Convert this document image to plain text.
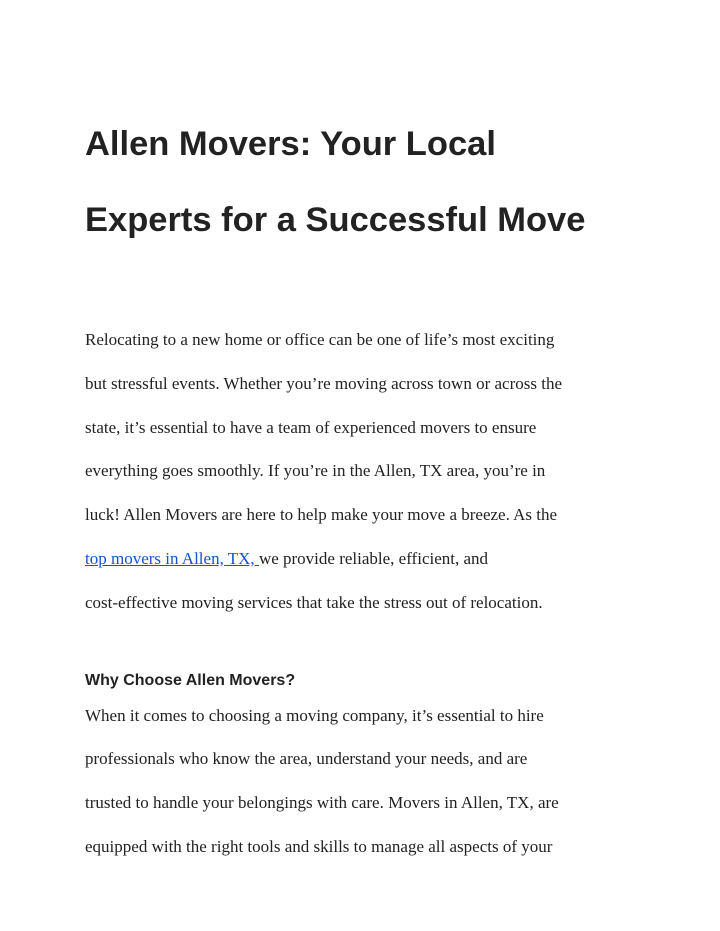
Allen Movers: Your Local
Experts for a Successful Move

Relocating to a new home or office can be one of life’s most exciting
but stressful events. Whether you’re moving across town or across the
state, it’s essential to have a team of experienced movers to ensure
everything goes smoothly. If you’re in the Allen, TX area, you’re in
luck! Allen Movers are here to help make your move a breeze. As the
top movers in Allen, TX, we provide reliable, efficient, and
cost-effective moving services that take the stress out of relocation.

Why Choose Allen Movers?

When it comes to choosing a moving company, it’s essential to hire
professionals who know the area, understand your needs, and are
trusted to handle your belongings with care. Movers in Allen, TX, are
equipped with the right tools and skills to manage all aspects of your
